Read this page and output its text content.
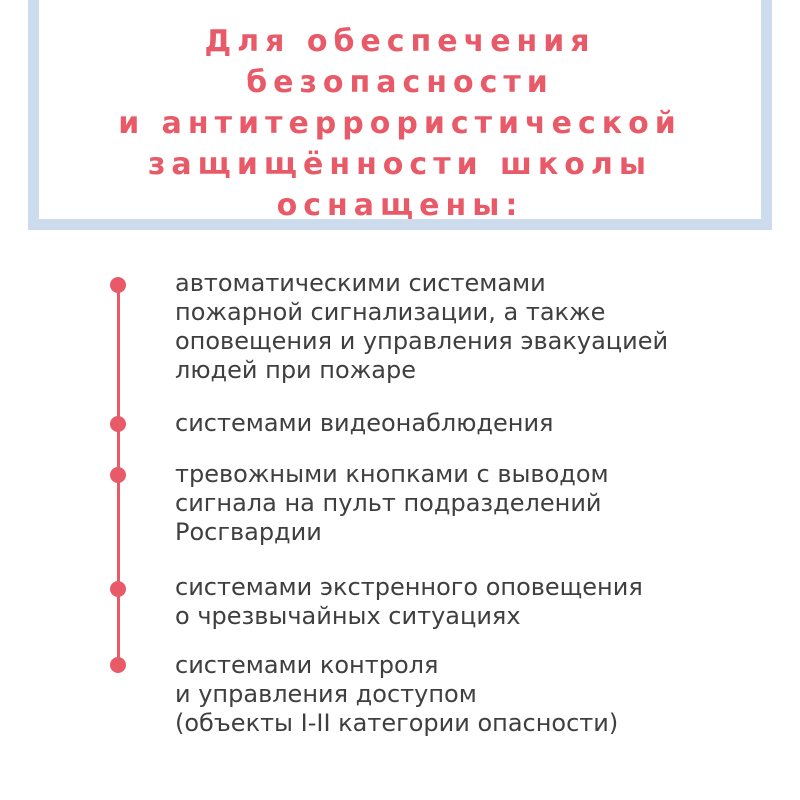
Для обеспечения
безопасности
и антитеррористической
защищённости школы
оснащены:

автоматическими системами
пожарной сигнализации, а также
оповещения и управления эвакуацией
людей при пожаре

системами видеонаблюдения

тревожными кнопками с выводом
сигнала на пульт подразделений
Росгвардии

системами экстренного оповещения
о чрезвычайных ситуациях

системами контроля
и управления доступом
(объекты I-II категории опасности)
